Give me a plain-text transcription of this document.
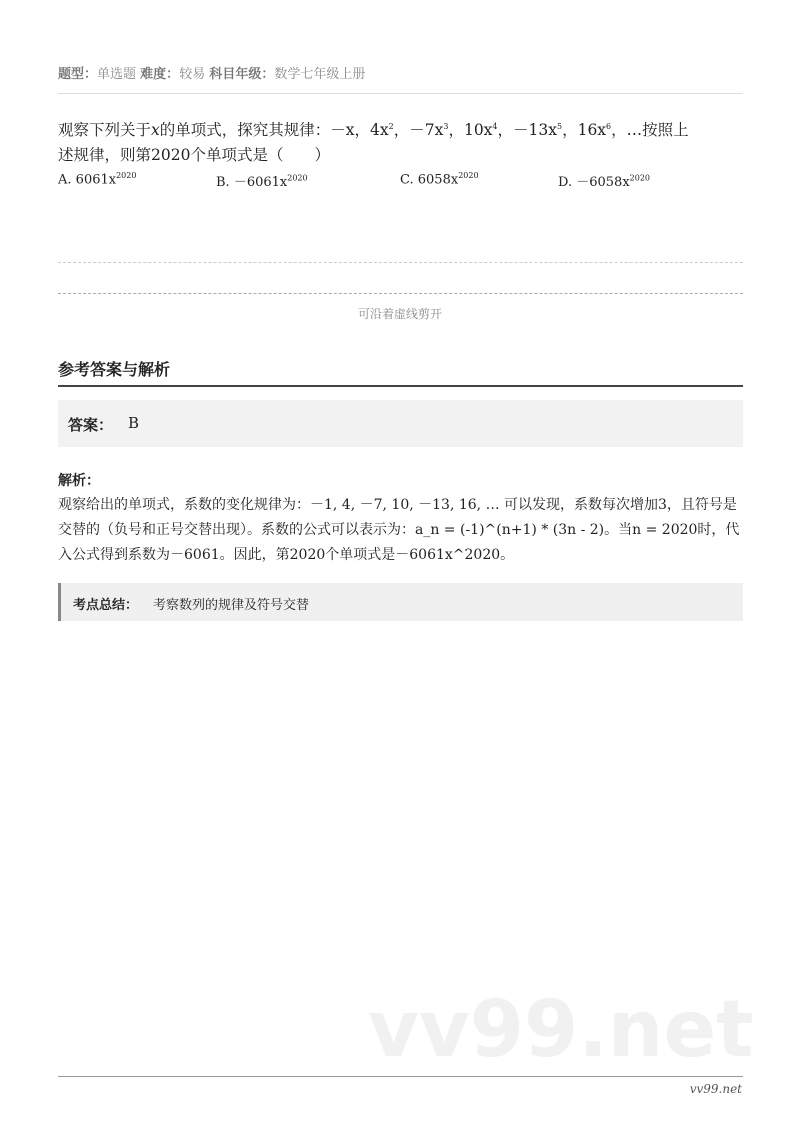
题型：单选题 难度：较易 科目年级：数学七年级上册
观察下列关于x的单项式，探究其规律：－x，$4x^2$，$-7x^3$，$10x^4$，$-13x^5$，$16x^6$，…按照上
述规律，则第2020个单项式是（　　）
A. $6061x^{2020}$	B. $-6061x^{2020}$	C. $6058x^{2020}$	D. $-6058x^{2020}$
可沿着虚线剪开
参考答案与解析
答案： B
解析：
观察给出的单项式，系数的变化规律为：－1, 4, －7, 10, －13, 16, … 可以发现，系数每次增加3，且符号是交替的（负号和正号交替出现）。系数的公式可以表示为：a_n = (-1)^(n+1) * (3n - 2)。当n = 2020时，代入公式得到系数为－6061。因此，第2020个单项式是－6061x^2020。
考点总结： 考察数列的规律及符号交替
vv99.net
vv99.net
